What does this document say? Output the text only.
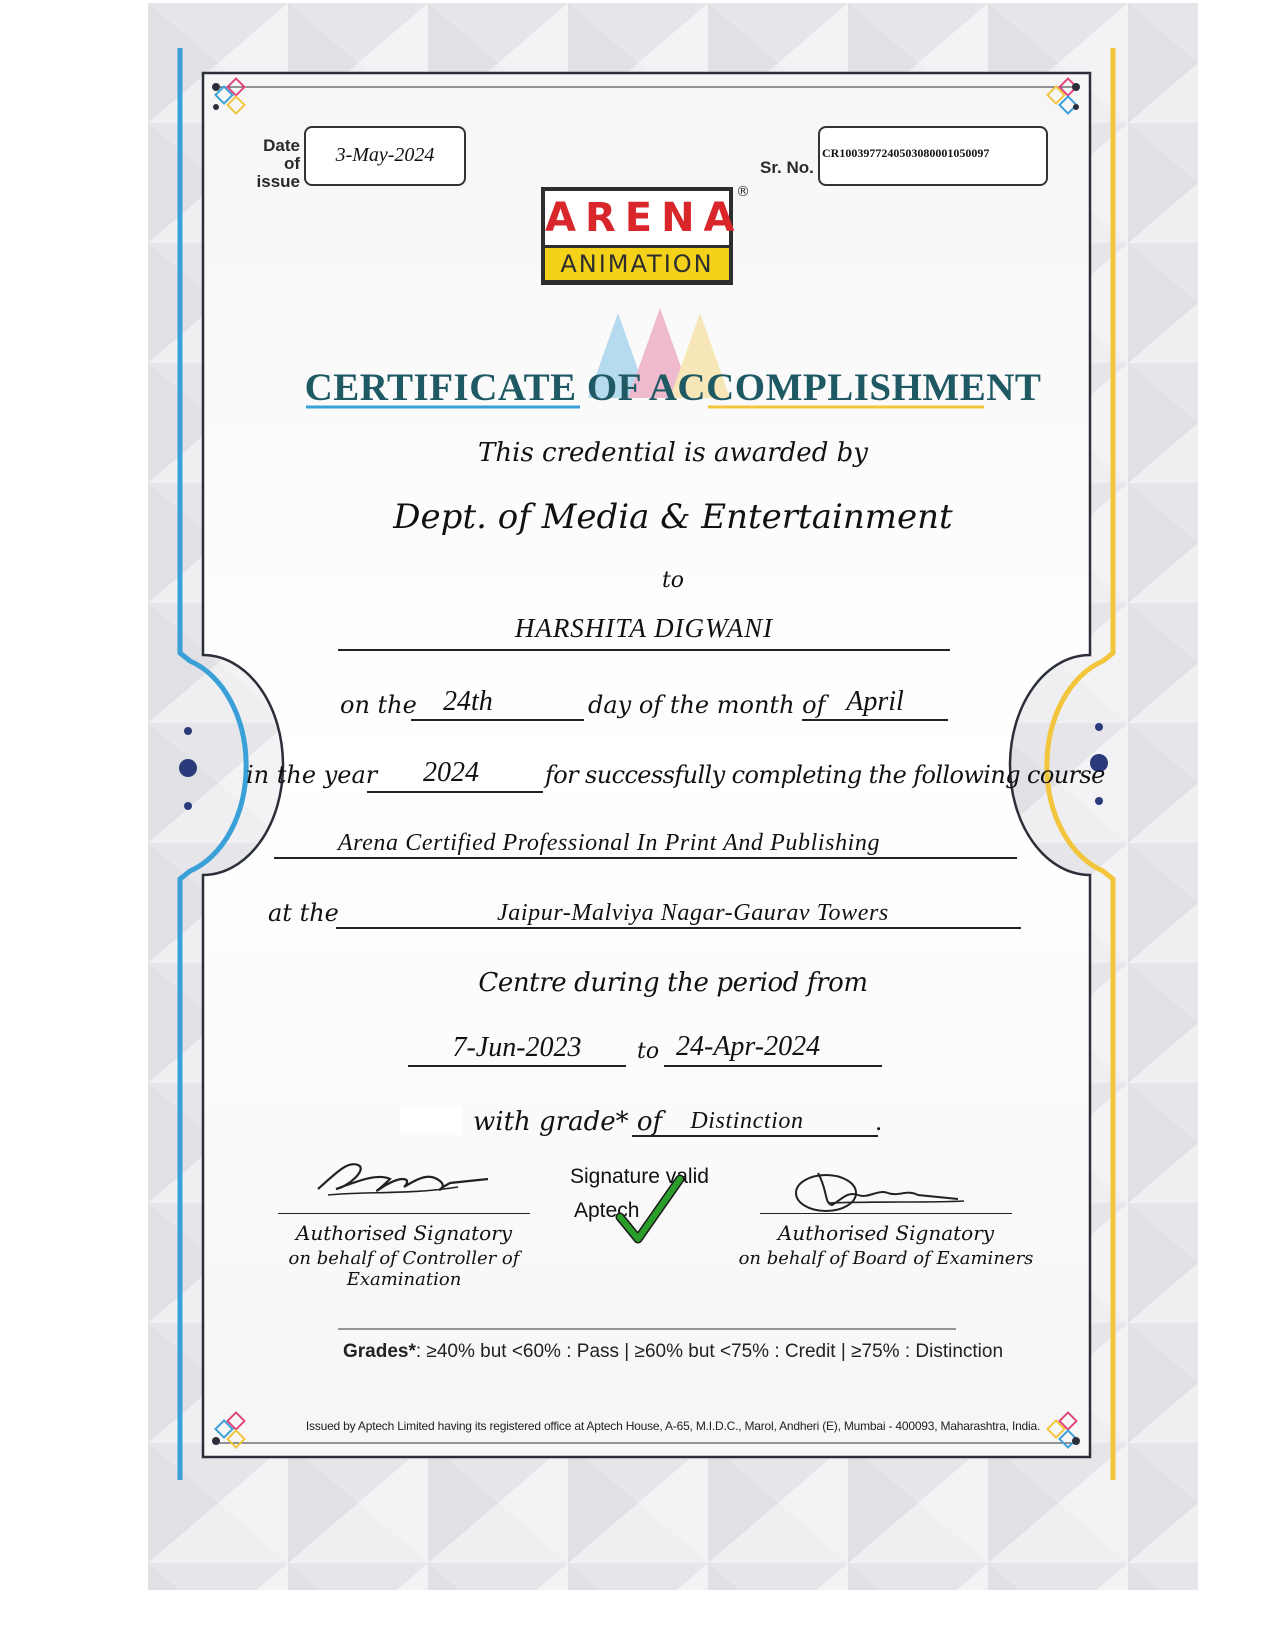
Date
of issue
3-May-2024
Sr. No.
CR100397724050308000105​0097
ARENA
ANIMATION
®
CERTIFICATE OF ACCOMPLISHMENT
This credential is awarded by
Dept. of Media & Entertainment
to
HARSHITA DIGWANI
on the 24th	day of the month of April
in the year 2024	for successfully completing the following course
Arena Certified Professional In Print And Publishing
at the	Jaipur-Malviya Nagar-Gaurav Towers
Centre during the period from
7-Jun-2023	to 24-Apr-2024
with grade* of	Distinction	.
Authorised Signatory
on behalf of Controller of Examination
Signature valid
Aptech
Authorised Signatory
on behalf of Board of Examiners
Grades*: ≥40% but <60% : Pass | ≥60% but <75% : Credit | ≥75% : Distinction
Issued by Aptech Limited having its registered office at Aptech House, A-65, M.I.D.C., Marol, Andheri (E), Mumbai - 400093, Maharashtra, India.
